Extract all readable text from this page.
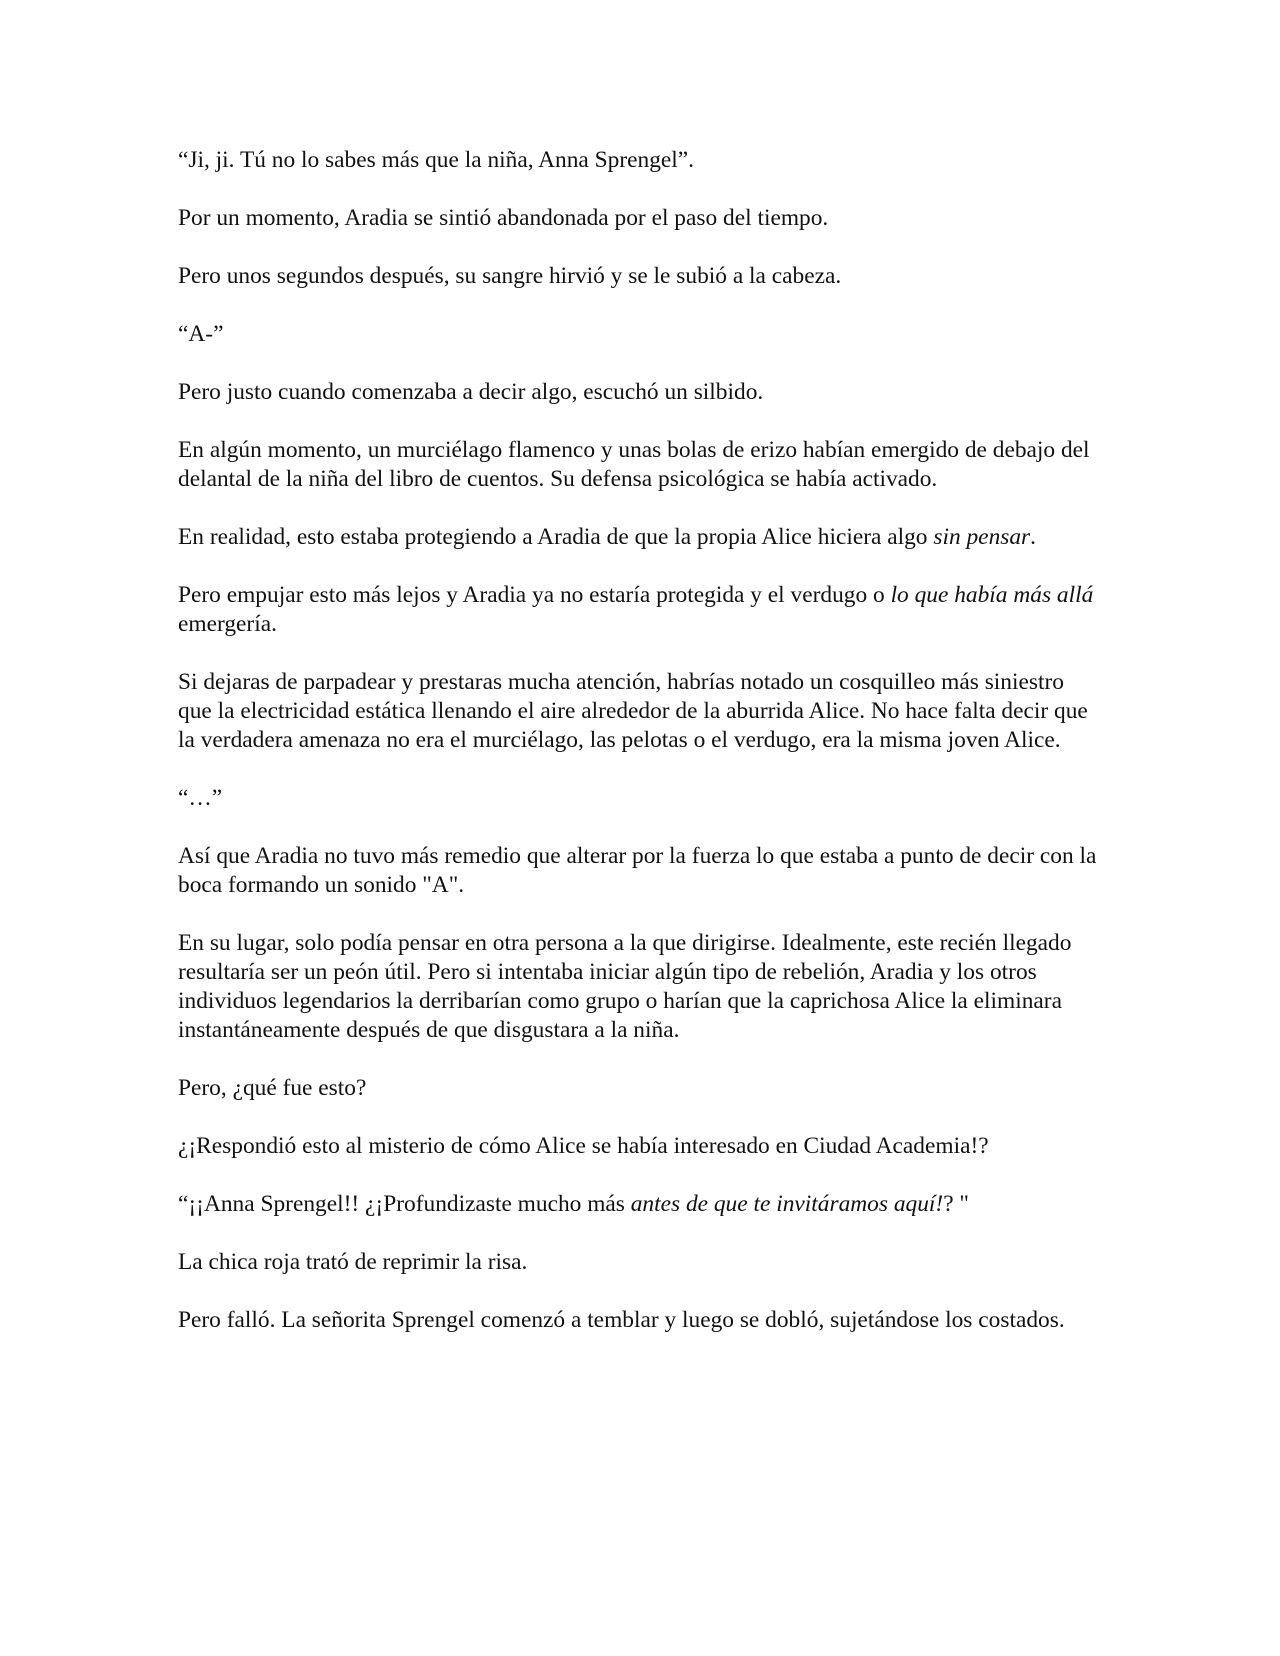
“Ji, ji. Tú no lo sabes más que la niña, Anna Sprengel”.

Por un momento, Aradia se sintió abandonada por el paso del tiempo.

Pero unos segundos después, su sangre hirvió y se le subió a la cabeza.

“A-”

Pero justo cuando comenzaba a decir algo, escuchó un silbido.

En algún momento, un murciélago flamenco y unas bolas de erizo habían emergido de debajo del delantal de la niña del libro de cuentos. Su defensa psicológica se había activado.

En realidad, esto estaba protegiendo a Aradia de que la propia Alice hiciera algo sin pensar.

Pero empujar esto más lejos y Aradia ya no estaría protegida y el verdugo o lo que había más allá emergería.

Si dejaras de parpadear y prestaras mucha atención, habrías notado un cosquilleo más siniestro que la electricidad estática llenando el aire alrededor de la aburrida Alice. No hace falta decir que la verdadera amenaza no era el murciélago, las pelotas o el verdugo, era la misma joven Alice.

“…”

Así que Aradia no tuvo más remedio que alterar por la fuerza lo que estaba a punto de decir con la boca formando un sonido "A".

En su lugar, solo podía pensar en otra persona a la que dirigirse. Idealmente, este recién llegado resultaría ser un peón útil. Pero si intentaba iniciar algún tipo de rebelión, Aradia y los otros individuos legendarios la derribarían como grupo o harían que la caprichosa Alice la eliminara instantáneamente después de que disgustara a la niña.

Pero, ¿qué fue esto?

¿¡Respondió esto al misterio de cómo Alice se había interesado en Ciudad Academia!?

“¡¡Anna Sprengel!! ¿¡Profundizaste mucho más antes de que te invitáramos aquí!? "

La chica roja trató de reprimir la risa.

Pero falló. La señorita Sprengel comenzó a temblar y luego se dobló, sujetándose los costados.
